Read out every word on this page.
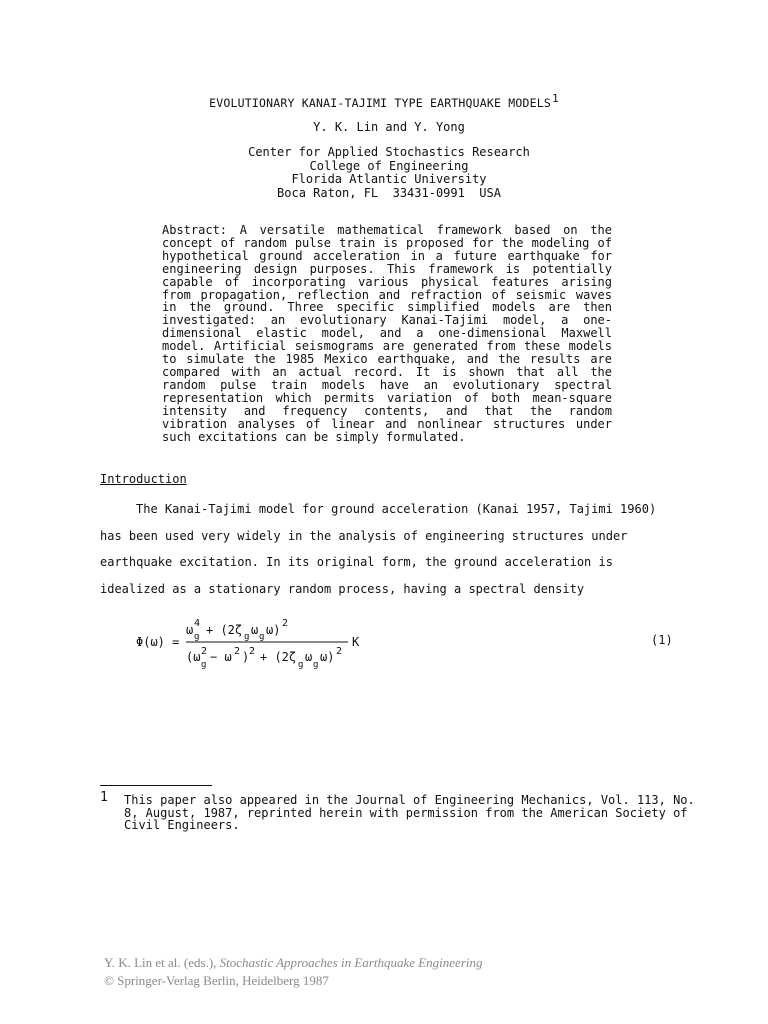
EVOLUTIONARY KANAI-TAJIMI TYPE EARTHQUAKE MODELS$^1$
Y. K. Lin and Y. Yong
Center for Applied Stochastics Research
College of Engineering
Florida Atlantic University
Boca Raton, FL  33431-0991  USA

Abstract: A versatile mathematical framework based on the concept of random pulse train is proposed for the modeling of hypothetical ground acceleration in a future earthquake for engineering design purposes. This framework is potentially capable of incorporating various physical features arising from propagation, reflection and refraction of seismic waves in the ground. Three specific simplified models are then investigated: an evolutionary Kanai-Tajimi model, a one-dimensional elastic model, and a one-dimensional Maxwell model. Artificial seismograms are generated from these models to simulate the 1985 Mexico earthquake, and the results are compared with an actual record. It is shown that all the random pulse train models have an evolutionary spectral representation which permits variation of both mean-square intensity and frequency contents, and that the random vibration analyses of linear and nonlinear structures under such excitations can be simply formulated.

Introduction
The Kanai-Tajimi model for ground acceleration (Kanai 1957, Tajimi 1960)
has been used very widely in the analysis of engineering structures under
earthquake excitation. In its original form, the ground acceleration is
idealized as a stationary random process, having a spectral density
Φ(ω) =
ω 4
g + (2ζ g ω g ω) 2
(ω 2
g
− ω 2 ) 2 + (2ζ
g
ω
g
ω) 2
K	(1)
1 This paper also appeared in the Journal of Engineering Mechanics, Vol. 113, No.
8, August, 1987, reprinted herein with permission from the American Society of
Civil Engineers.
Y. K. Lin et al. (eds.), Stochastic Approaches in Earthquake Engineering
© Springer-Verlag Berlin, Heidelberg 1987
